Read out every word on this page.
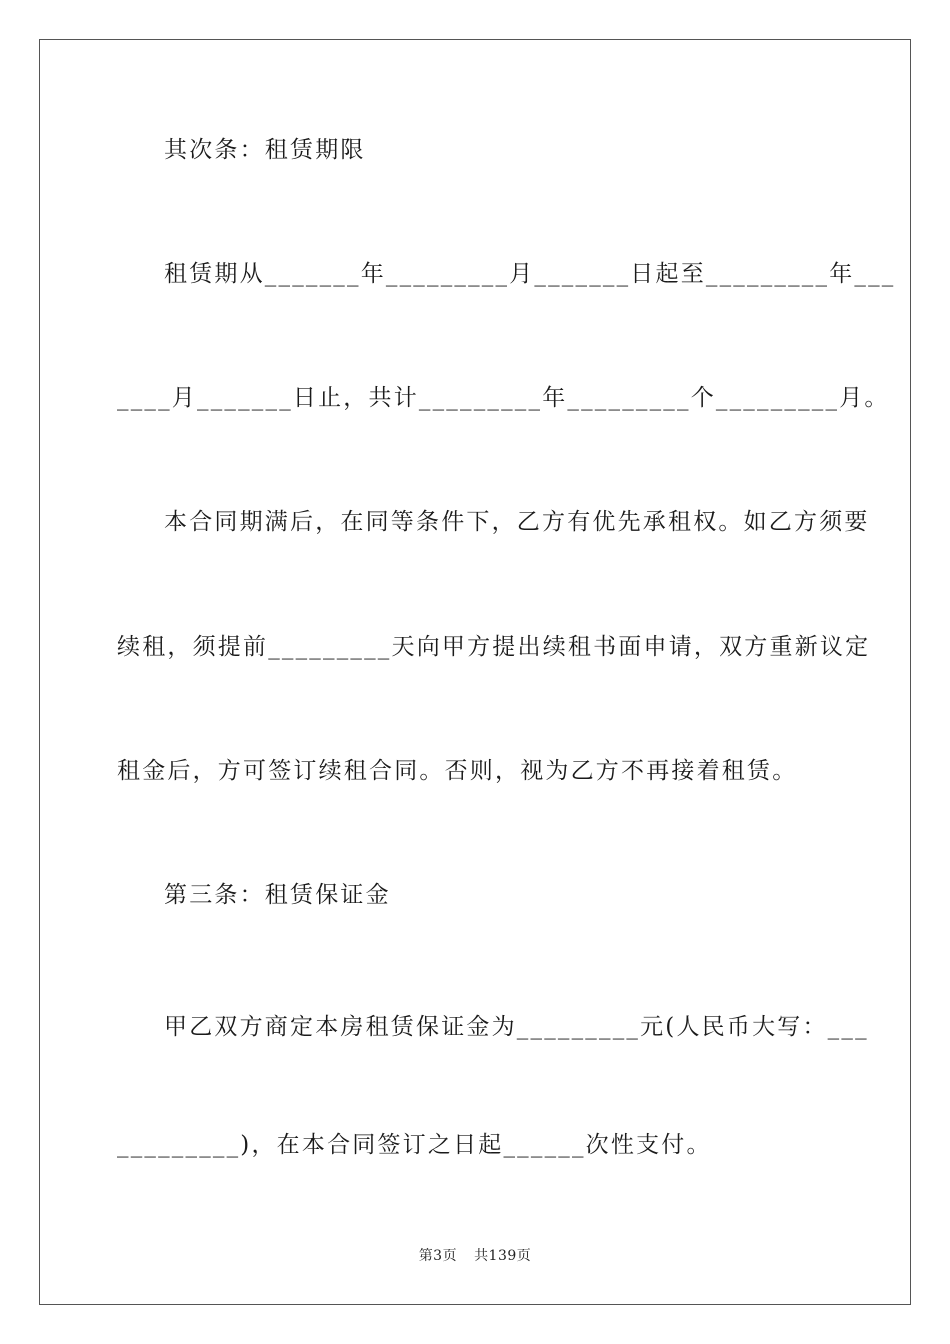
其次条：租赁期限
租赁期从_______年_________月_______日起至_________年___
____月_______日止，共计_________年_________个_________月。
本合同期满后，在同等条件下，乙方有优先承租权。如乙方须要
续租，须提前_________天向甲方提出续租书面申请，双方重新议定
租金后，方可签订续租合同。否则，视为乙方不再接着租赁。
第三条：租赁保证金
甲乙双方商定本房租赁保证金为_________元(人民币大写：___
_________)，在本合同签订之日起______次性支付。
第3页 共139页
